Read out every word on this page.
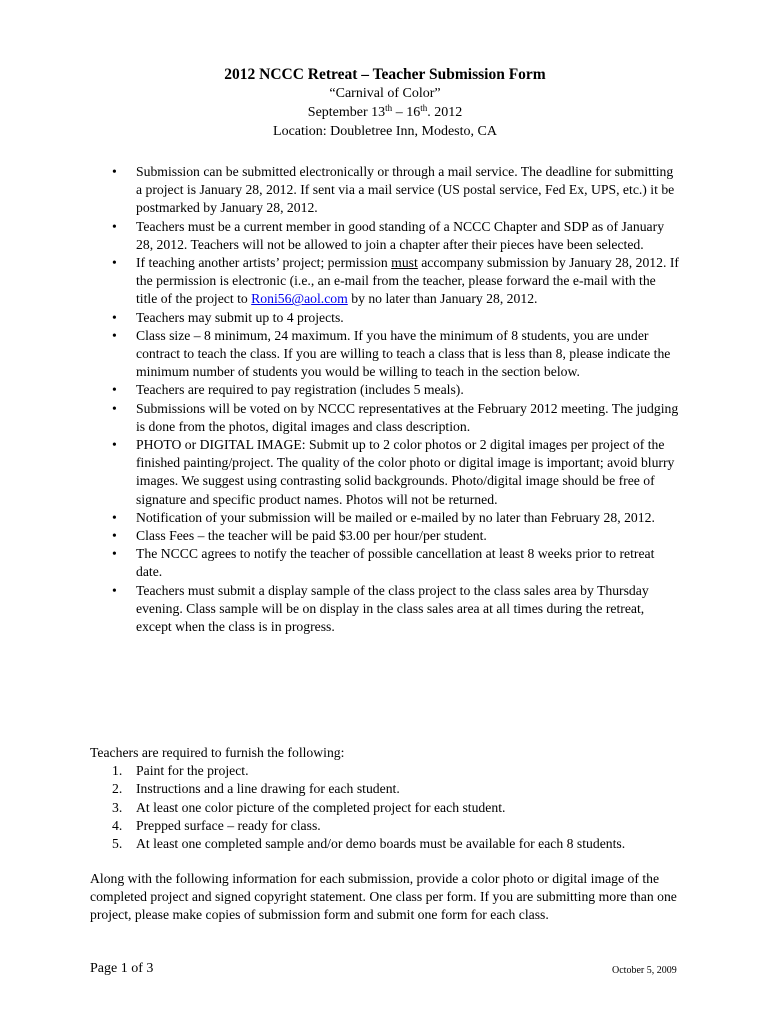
2012 NCCC Retreat – Teacher Submission Form
“Carnival of Color”
September 13th – 16th. 2012
Location: Doubletree Inn, Modesto, CA
• Submission can be submitted electronically or through a mail service. The deadline for submitting a project is January 28, 2012. If sent via a mail service (US postal service, Fed Ex, UPS, etc.) it be postmarked by January 28, 2012.
• Teachers must be a current member in good standing of a NCCC Chapter and SDP as of January 28, 2012. Teachers will not be allowed to join a chapter after their pieces have been selected.
• If teaching another artists’ project; permission must accompany submission by January 28, 2012. If the permission is electronic (i.e., an e-mail from the teacher, please forward the e-mail with the title of the project to Roni56@aol.com by no later than January 28, 2012.
• Teachers may submit up to 4 projects.
• Class size – 8 minimum, 24 maximum. If you have the minimum of 8 students, you are under contract to teach the class. If you are willing to teach a class that is less than 8, please indicate the minimum number of students you would be willing to teach in the section below.
• Teachers are required to pay registration (includes 5 meals).
• Submissions will be voted on by NCCC representatives at the February 2012 meeting. The judging is done from the photos, digital images and class description.
• PHOTO or DIGITAL IMAGE: Submit up to 2 color photos or 2 digital images per project of the finished painting/project. The quality of the color photo or digital image is important; avoid blurry images. We suggest using contrasting solid backgrounds. Photo/digital image should be free of signature and specific product names. Photos will not be returned.
• Notification of your submission will be mailed or e-mailed by no later than February 28, 2012.
• Class Fees – the teacher will be paid $3.00 per hour/per student.
• The NCCC agrees to notify the teacher of possible cancellation at least 8 weeks prior to retreat date.
• Teachers must submit a display sample of the class project to the class sales area by Thursday evening. Class sample will be on display in the class sales area at all times during the retreat, except when the class is in progress.
Teachers are required to furnish the following:
1. Paint for the project.
2. Instructions and a line drawing for each student.
3. At least one color picture of the completed project for each student.
4. Prepped surface – ready for class.
5. At least one completed sample and/or demo boards must be available for each 8 students.
Along with the following information for each submission, provide a color photo or digital image of the completed project and signed copyright statement. One class per form. If you are submitting more than one project, please make copies of submission form and submit one form for each class.
Page 1 of 3	October 5, 2009
